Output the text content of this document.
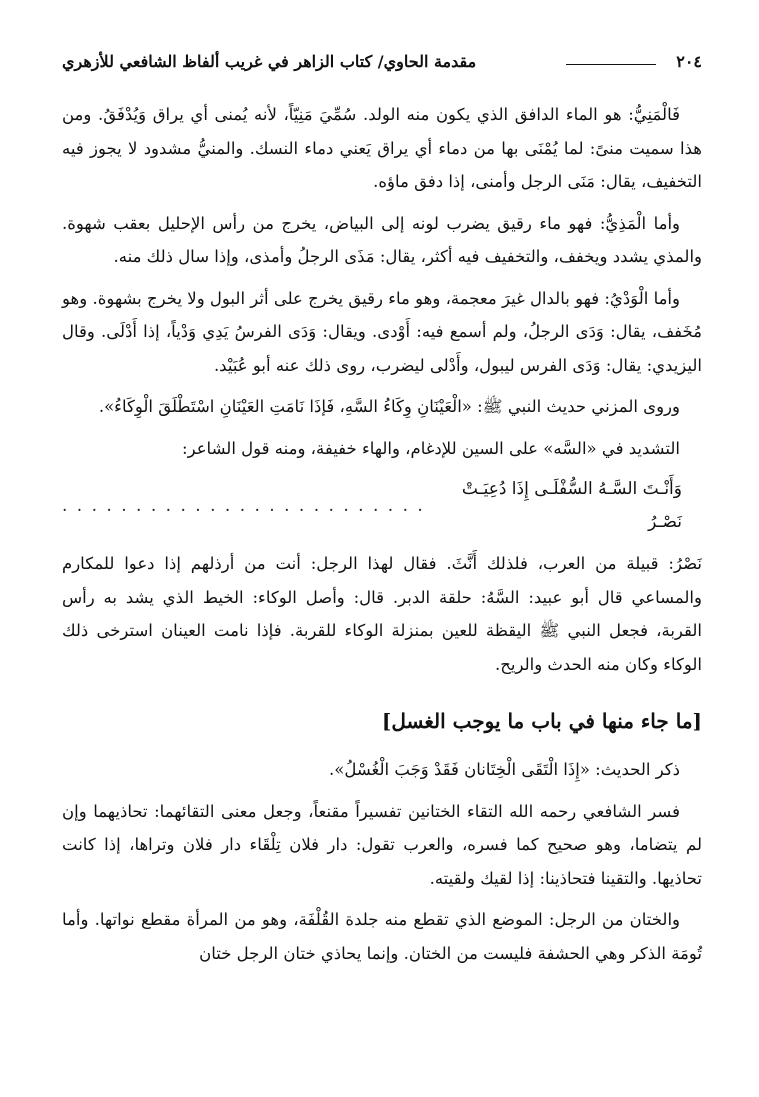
٢٠٤
مقدمة الحاوي/ كتاب الزاهر في غريب ألفاظ الشافعي للأزهري

فَالْمَنِيُّ: هو الماء الدافق الذي يكون منه الولد. سُمِّيَ مَنِيّاً، لأنه يُمنى أي يراق وَيُدْفَقُ. ومن هذا سميت منىً: لما يُمْنَى بها من دماء أي يراق يَعني دماء النسك. والمنيُّ مشدود لا يجوز فيه التخفيف، يقال: مَنَى الرجل وأمنى، إذا دفق ماؤه.

وأما الْمَذِيُّ: فهو ماء رقيق يضرب لونه إلى البياض، يخرج من رأس الإحليل بعقب شهوة. والمذي يشدد ويخفف، والتخفيف فيه أكثر، يقال: مَذَى الرجلُ وأمذى، وإذا سال ذلك منه.

وأما الْوَدْيُ: فهو بالدال غيرَ معجمة، وهو ماء رقيق يخرج على أثر البول ولا يخرج بشهوة. وهو مُخَفف، يقال: وَدَى الرجلُ، ولم أسمع فيه: أَوْدى. ويقال: وَدَى الفرسُ يَدِي وَدْياً، إذا أَدْلَى. وقال اليزيدي: يقال: وَدَى الفرس ليبول، وأَدْلى ليضرب، روى ذلك عنه أبو عُبَيْد.

وروى المزني حديث النبي ﷺ: «الْعَيْنَانِ وِكَاءُ السَّهِ، فَإذَا نَامَتِ العَيْنَانِ اسْتَطْلَقَ الْوِكَاءُ».

التشديد في «السَّه» على السين للإدغام، والهاء خفيفة، ومنه قول الشاعر:

وَأَنْـتَ السَّـهُ السُّفْلَـى إِذَا دُعِيَـتْ نَصْـرُ
. . . . . . . . . . . . . . . . . . . . . . . . .

نَصْرُ: قبيلة من العرب، فلذلك أَنَّثَ. فقال لهذا الرجل: أنت من أرذلهم إذا دعوا للمكارم والمساعي قال أبو عبيد: السَّهُ: حلقة الدبر. قال: وأصل الوكاء: الخيط الذي يشد به رأس القربة، فجعل النبي ﷺ اليقظة للعين بمنزلة الوكاء للقربة. فإذا نامت العينان استرخى ذلك الوكاء وكان منه الحدث والريح.

[ما جاء منها في باب ما يوجب الغسل]

ذكر الحديث: «إِذَا الْتَقَى الْخِتَانان فَقَدْ وَجَبَ الْغُسْلُ».

فسر الشافعي رحمه الله التقاء الختانين تفسيراً مقنعاً، وجعل معنى التقائهما: تحاذيهما وإن لم يتضاما، وهو صحيح كما فسره، والعرب تقول: دار فلان تِلْقَاء دار فلان وتراها، إذا كانت تحاذيها. والتقينا فتحاذينا: إذا لقيك ولقيته.

والختان من الرجل: الموضع الذي تقطع منه جلدة القُلْفَة، وهو من المرأة مقطع نواتها. وأما تُومَة الذكر وهي الحشفة فليست من الختان. وإنما يحاذي ختان الرجل ختان
